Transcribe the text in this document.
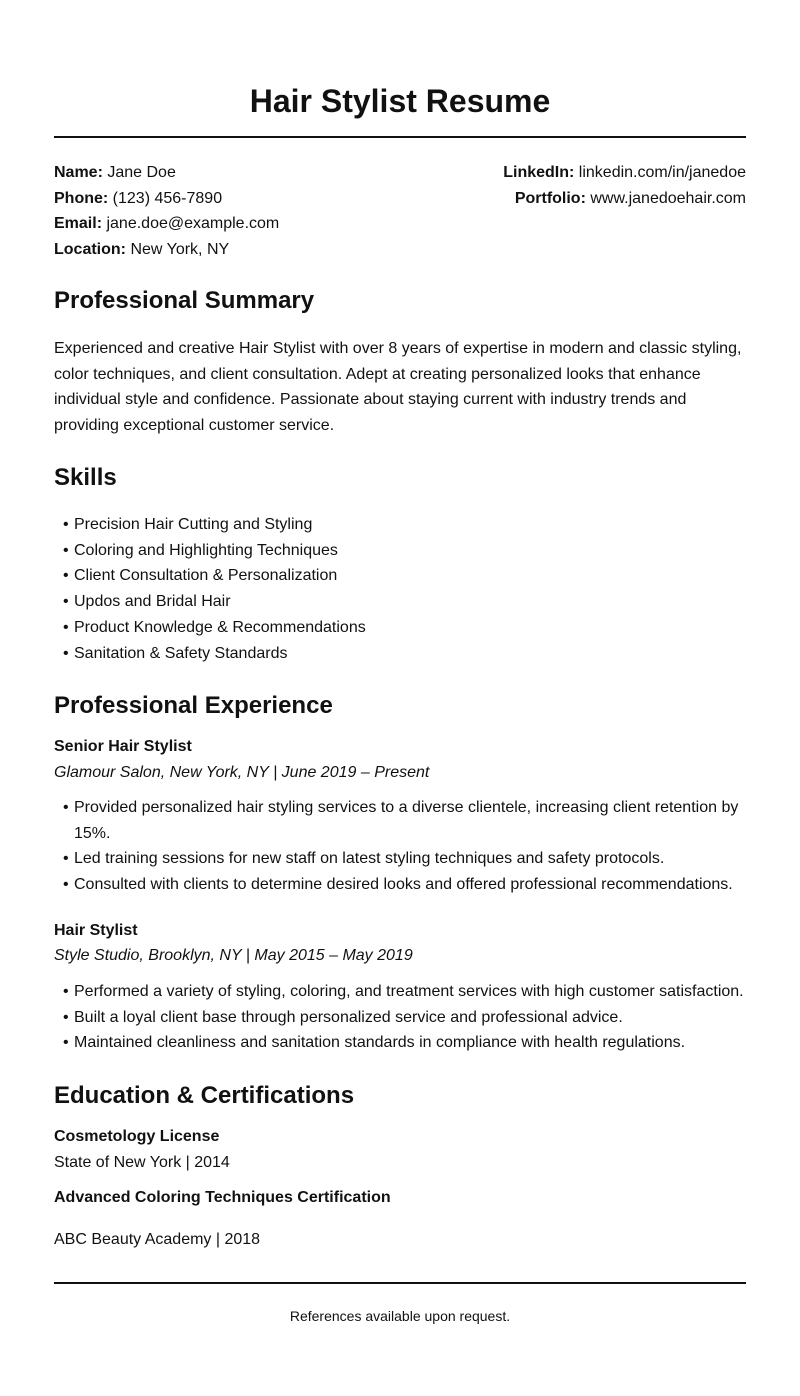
Hair Stylist Resume
Name: Jane Doe
Phone: (123) 456-7890
Email: jane.doe@example.com
Location: New York, NY
LinkedIn: linkedin.com/in/janedoe
Portfolio: www.janedoehair.com
Professional Summary
Experienced and creative Hair Stylist with over 8 years of expertise in modern and classic styling, color techniques, and client consultation. Adept at creating personalized looks that enhance individual style and confidence. Passionate about staying current with industry trends and providing exceptional customer service.
Skills
• Precision Hair Cutting and Styling
• Coloring and Highlighting Techniques
• Client Consultation & Personalization
• Updos and Bridal Hair
• Product Knowledge & Recommendations
• Sanitation & Safety Standards
Professional Experience
Senior Hair Stylist
Glamour Salon, New York, NY | June 2019 – Present
• Provided personalized hair styling services to a diverse clientele, increasing client retention by 15%.
• Led training sessions for new staff on latest styling techniques and safety protocols.
• Consulted with clients to determine desired looks and offered professional recommendations.
Hair Stylist
Style Studio, Brooklyn, NY | May 2015 – May 2019
• Performed a variety of styling, coloring, and treatment services with high customer satisfaction.
• Built a loyal client base through personalized service and professional advice.
• Maintained cleanliness and sanitation standards in compliance with health regulations.
Education & Certifications
Cosmetology License
State of New York | 2014
Advanced Coloring Techniques Certification
ABC Beauty Academy | 2018
References available upon request.
